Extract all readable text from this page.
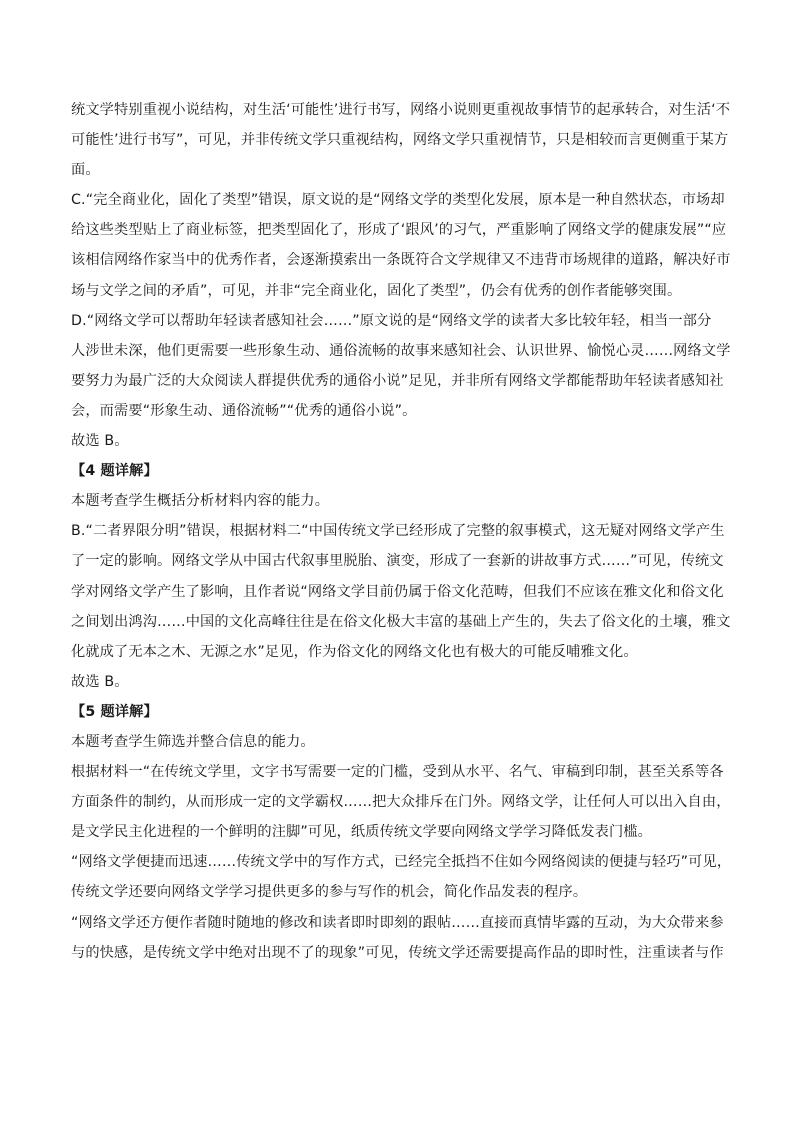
统文学特别重视小说结构，对生活‘可能性’进行书写，网络小说则更重视故事情节的起承转合，对生活‘不
可能性’进行书写”，可见，并非传统文学只重视结构，网络文学只重视情节，只是相较而言更侧重于某方
面。
C.“完全商业化，固化了类型”错误，原文说的是“网络文学的类型化发展，原本是一种自然状态，市场却
给这些类型贴上了商业标签，把类型固化了，形成了‘跟风’的习气，严重影响了网络文学的健康发展”“应
该相信网络作家当中的优秀作者，会逐渐摸索出一条既符合文学规律又不违背市场规律的道路，解决好市
场与文学之间的矛盾”，可见，并非“完全商业化，固化了类型”，仍会有优秀的创作者能够突围。
D.“网络文学可以帮助年轻读者感知社会……”原文说的是“网络文学的读者大多比较年轻，相当一部分
人涉世未深，他们更需要一些形象生动、通俗流畅的故事来感知社会、认识世界、愉悦心灵……网络文学
要努力为最广泛的大众阅读人群提供优秀的通俗小说”足见，并非所有网络文学都能帮助年轻读者感知社
会，而需要“形象生动、通俗流畅”“优秀的通俗小说”。
故选 B。
【4 题详解】
本题考查学生概括分析材料内容的能力。
B.“二者界限分明”错误，根据材料二“中国传统文学已经形成了完整的叙事模式，这无疑对网络文学产生
了一定的影响。网络文学从中国古代叙事里脱胎、演变，形成了一套新的讲故事方式……”可见，传统文
学对网络文学产生了影响，且作者说“网络文学目前仍属于俗文化范畴，但我们不应该在雅文化和俗文化
之间划出鸿沟……中国的文化高峰往往是在俗文化极大丰富的基础上产生的，失去了俗文化的土壤，雅文
化就成了无本之木、无源之水”足见，作为俗文化的网络文化也有极大的可能反哺雅文化。
故选 B。
【5 题详解】
本题考查学生筛选并整合信息的能力。
根据材料一“在传统文学里，文字书写需要一定的门槛，受到从水平、名气、审稿到印制，甚至关系等各
方面条件的制约，从而形成一定的文学霸权……把大众排斥在门外。网络文学，让任何人可以出入自由，
是文学民主化进程的一个鲜明的注脚”可见，纸质传统文学要向网络文学学习降低发表门槛。
“网络文学便捷而迅速……传统文学中的写作方式，已经完全抵挡不住如今网络阅读的便捷与轻巧”可见，
传统文学还要向网络文学学习提供更多的参与写作的机会，简化作品发表的程序。
“网络文学还方便作者随时随地的修改和读者即时即刻的跟帖……直接而真情毕露的互动，为大众带来参
与的快感，是传统文学中绝对出现不了的现象”可见，传统文学还需要提高作品的即时性，注重读者与作
